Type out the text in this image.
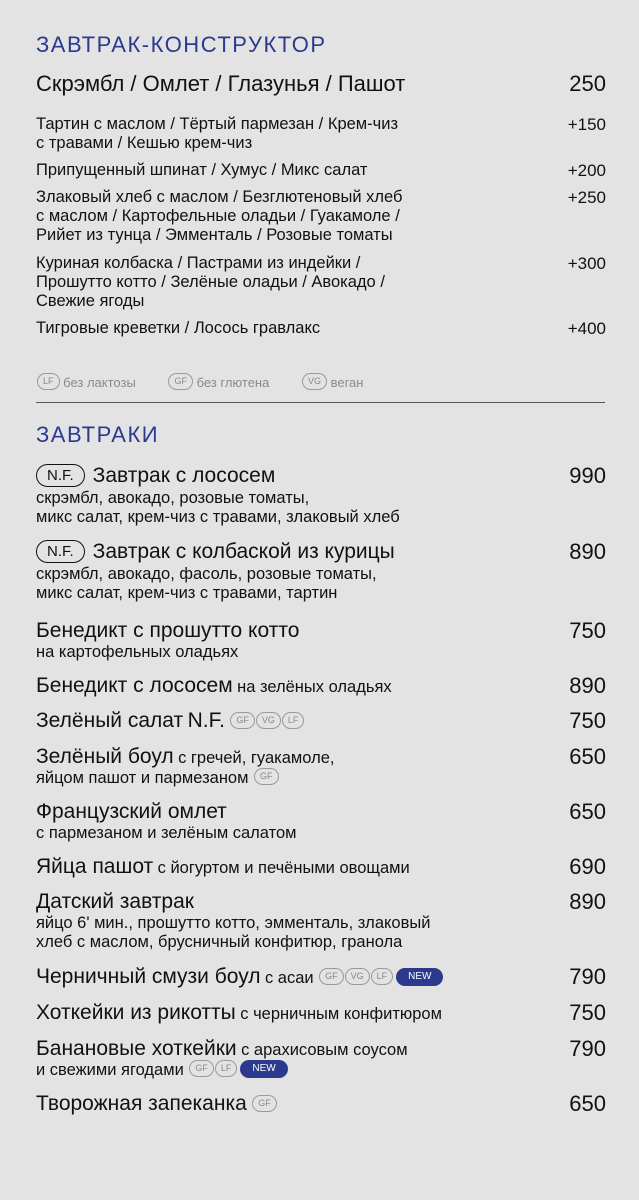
ЗАВТРАК-КОНСТРУКТОР
Скрэмбл / Омлет / Глазунья / Пашот	250
Тартин с маслом / Тёртый пармезан / Крем-чиз
с травами / Кешью крем-чиз
+150
Припущенный шпинат / Хумус / Микс салат	+200
Злаковый хлеб с маслом / Безглютеновый хлеб
с маслом / Картофельные оладьи / Гуакамоле /
Рийет из тунца / Эмменталь / Розовые томаты
+250
Куриная колбаска / Пастрами из индейки /
Прошутто котто / Зелёные оладьи / Авокадо /
Свежие ягоды
+300
Тигровые креветки / Лосось гравлакс	+400
LF без лактозы	GF без глютена	VG веган
ЗАВТРАКИ
N.F. Завтрак с лососем
скрэмбл, авокадо, розовые томаты,
микс салат, крем-чиз с травами, злаковый хлеб
990
N.F. Завтрак с колбаской из курицы
скрэмбл, авокадо, фасоль, розовые томаты,
микс салат, крем-чиз с травами, тартин
890
Бенедикт с прошутто котто
на картофельных оладьях
750
Бенедикт с лососем на зелёных оладьях	890
Зелёный салат N.F. GF VG LF	750
Зелёный боул с гречей, гуакамоле,
яйцом пашот и пармезаном GF
650
Французский омлет
с пармезаном и зелёным салатом
650
Яйца пашот с йогуртом и печёными овощами	690
Датский завтрак
яйцо 6' мин., прошутто котто, эмменталь, злаковый
хлеб с маслом, брусничный конфитюр, гранола
890
Черничный смузи боул с асаи GF VG LF NEW	790
Хоткейки из рикотты с черничным конфитюром	750
Банановые хоткейки с арахисовым соусом
и свежими ягодами GF LF NEW
790
Творожная запеканка GF	650
